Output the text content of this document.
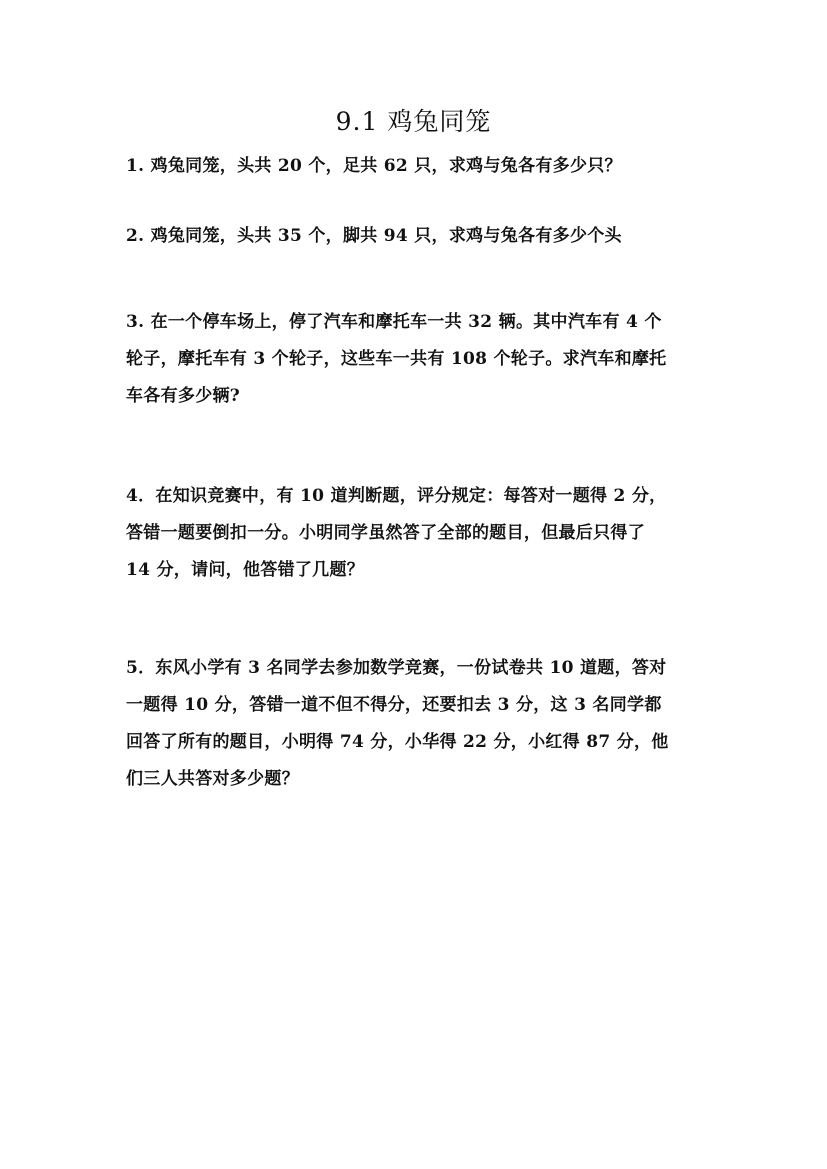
9.1 鸡兔同笼
1. 鸡兔同笼，头共 20 个，足共 62 只，求鸡与兔各有多少只？
2. 鸡兔同笼，头共 35 个，脚共 94 只，求鸡与兔各有多少个头
3. 在一个停车场上，停了汽车和摩托车一共 32 辆。其中汽车有 4 个
轮子，摩托车有 3 个轮子，这些车一共有 108 个轮子。求汽车和摩托
车各有多少辆?
4．在知识竞赛中，有 10 道判断题，评分规定：每答对一题得 2 分，
答错一题要倒扣一分。小明同学虽然答了全部的题目，但最后只得了
14 分，请问，他答错了几题？
5．东风小学有 3 名同学去参加数学竞赛，一份试卷共 10 道题，答对
一题得 10 分，答错一道不但不得分，还要扣去 3 分，这 3 名同学都
回答了所有的题目，小明得 74 分，小华得 22 分，小红得 87 分，他
们三人共答对多少题？
